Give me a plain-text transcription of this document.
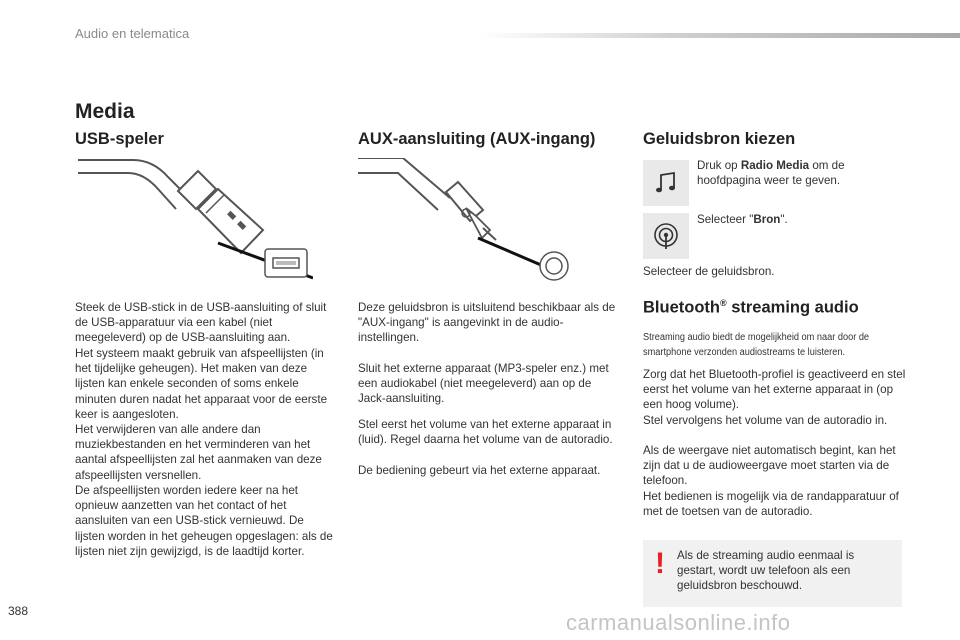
Audio en telematica
Media
USB-speler
Steek de USB-stick in de USB-aansluiting of sluit de USB-apparatuur via een kabel (niet meegeleverd) op de USB-aansluiting aan.
Het systeem maakt gebruik van afspeellijsten (in het tijdelijke geheugen). Het maken van deze lijsten kan enkele seconden of soms enkele minuten duren nadat het apparaat voor de eerste keer is aangesloten.
Het verwijderen van alle andere dan muziekbestanden en het verminderen van het aantal afspeellijsten zal het aanmaken van deze afspeellijsten versnellen.
De afspeellijsten worden iedere keer na het opnieuw aanzetten van het contact of het aansluiten van een USB-stick vernieuwd. De lijsten worden in het geheugen opgeslagen: als de lijsten niet zijn gewijzigd, is de laadtijd korter.
AUX-aansluiting (AUX-ingang)
Deze geluidsbron is uitsluitend beschikbaar als de "AUX-ingang" is aangevinkt in de audio-instellingen.
Sluit het externe apparaat (MP3-speler enz.) met een audiokabel (niet meegeleverd) aan op de Jack-aansluiting.
Stel eerst het volume van het externe apparaat in (luid). Regel daarna het volume van de autoradio.
De bediening gebeurt via het externe apparaat.
Geluidsbron kiezen
Druk op Radio Media om de hoofdpagina weer te geven.
Selecteer "Bron".
Selecteer de geluidsbron.
Bluetooth® streaming audio
Streaming audio biedt de mogelijkheid om naar door de smartphone verzonden audiostreams te luisteren.
Zorg dat het Bluetooth-profiel is geactiveerd en stel eerst het volume van het externe apparaat in (op een hoog volume).
Stel vervolgens het volume van de autoradio in.
Als de weergave niet automatisch begint, kan het zijn dat u de audioweergave moet starten via de telefoon.
Het bedienen is mogelijk via de randapparatuur of met de toetsen van de autoradio.
! Als de streaming audio eenmaal is gestart, wordt uw telefoon als een geluidsbron beschouwd.
388	carmanualsonline.info
